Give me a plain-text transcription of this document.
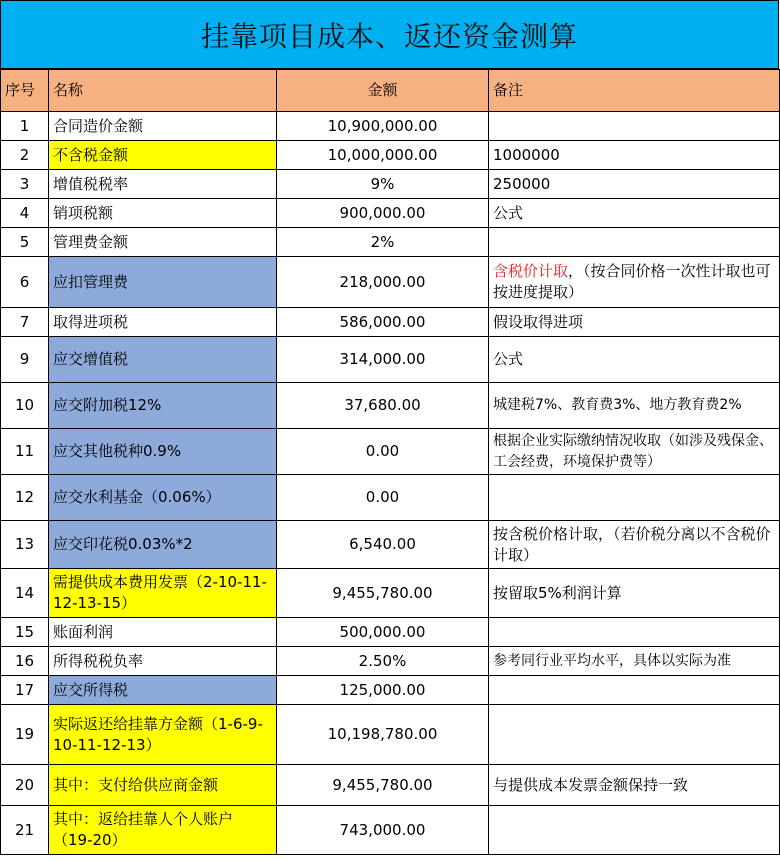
挂靠项目成本、返还资金测算
序号	名称	金额	备注
1	合同造价金额	10,900,000.00	
2	不含税金额	10,000,000.00	1000000
3	增值税税率	9%	250000
4	销项税额	900,000.00	公式
5	管理费金额	2%	
6	应扣管理费	218,000.00	含税价计取，（按合同价格一次性计取也可按进度提取）
7	取得进项税	586,000.00	假设取得进项
9	应交增值税	314,000.00	公式
10	应交附加税12%	37,680.00	城建税7%、教育费3%、地方教育费2%
11	应交其他税种0.9%	0.00	根据企业实际缴纳情况收取（如涉及残保金、工会经费，环境保护费等）
12	应交水利基金（0.06%）	0.00	
13	应交印花税0.03%*2	6,540.00	按含税价格计取，（若价税分离以不含税价计取）
14	需提供成本费用发票（2-10-11-12-13-15）	9,455,780.00	按留取5%利润计算
15	账面利润	500,000.00	
16	所得税税负率	2.50%	参考同行业平均水平，具体以实际为准
17	应交所得税	125,000.00	
19	实际返还给挂靠方金额（1-6-9-10-11-12-13）	10,198,780.00	
20	其中：支付给供应商金额	9,455,780.00	与提供成本发票金额保持一致
21	其中：返给挂靠人个人账户（19-20）	743,000.00	
